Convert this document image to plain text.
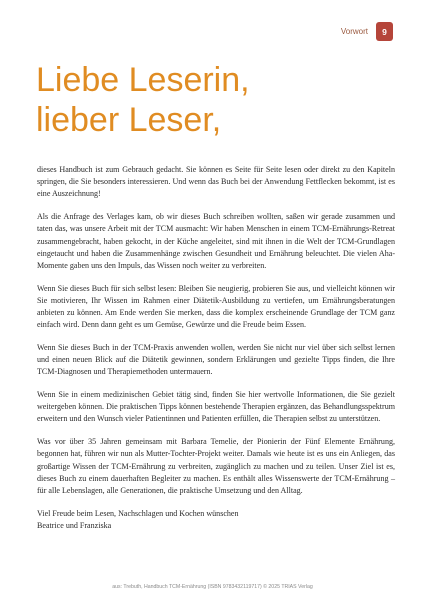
Vorwort	9
Liebe Leserin,
lieber Leser,

dieses Handbuch ist zum Gebrauch gedacht. Sie können es Seite für Seite lesen oder direkt zu den Kapiteln springen, die Sie besonders interessieren. Und wenn das Buch bei der Anwendung Fettflecken bekommt, ist es eine Auszeichnung!

Als die Anfrage des Verlages kam, ob wir dieses Buch schreiben wollten, saßen wir gerade zusammen und taten das, was unsere Arbeit mit der TCM ausmacht: Wir haben Menschen in einem TCM-Ernährungs-Retreat zusammengebracht, haben gekocht, in der Küche angeleitet, sind mit ihnen in die Welt der TCM-Grundlagen eingetaucht und haben die Zusammenhänge zwischen Gesundheit und Ernährung beleuchtet. Die vielen Aha-Momente gaben uns den Impuls, das Wissen noch weiter zu verbreiten.

Wenn Sie dieses Buch für sich selbst lesen: Bleiben Sie neugierig, probieren Sie aus, und vielleicht können wir Sie motivieren, Ihr Wissen im Rahmen einer Diätetik-Ausbildung zu vertiefen, um Ernährungsberatungen anbieten zu können. Am Ende werden Sie merken, dass die komplex erscheinende Grundlage der TCM ganz einfach wird. Denn dann geht es um Gemüse, Gewürze und die Freude beim Essen.

Wenn Sie dieses Buch in der TCM-Praxis anwenden wollen, werden Sie nicht nur viel über sich selbst lernen und einen neuen Blick auf die Diätetik gewinnen, sondern Erklärungen und gezielte Tipps finden, die Ihre TCM-Diagnosen und Therapiemethoden untermauern.

Wenn Sie in einem medizinischen Gebiet tätig sind, finden Sie hier wertvolle Informationen, die Sie gezielt weitergeben können. Die praktischen Tipps können bestehende Therapien ergänzen, das Behandlungsspektrum erweitern und den Wunsch vieler Patientinnen und Patienten erfüllen, die Therapien selbst zu unterstützen.

Was vor über 35 Jahren gemeinsam mit Barbara Temelie, der Pionierin der Fünf Elemente Ernährung, begonnen hat, führen wir nun als Mutter-Tochter-Projekt weiter. Damals wie heute ist es uns ein Anliegen, das großartige Wissen der TCM-Ernährung zu verbreiten, zugänglich zu machen und zu teilen. Unser Ziel ist es, dieses Buch zu einem dauerhaften Begleiter zu machen. Es enthält alles Wissenswerte der TCM-Ernährung – für alle Lebenslagen, alle Generationen, die praktische Umsetzung und den Alltag.

Viel Freude beim Lesen, Nachschlagen und Kochen wünschen
Beatrice und Franziska

aus: Trebuth, Handbuch TCM-Ernährung (ISBN 9783432119717) © 2025 TRIAS Verlag
